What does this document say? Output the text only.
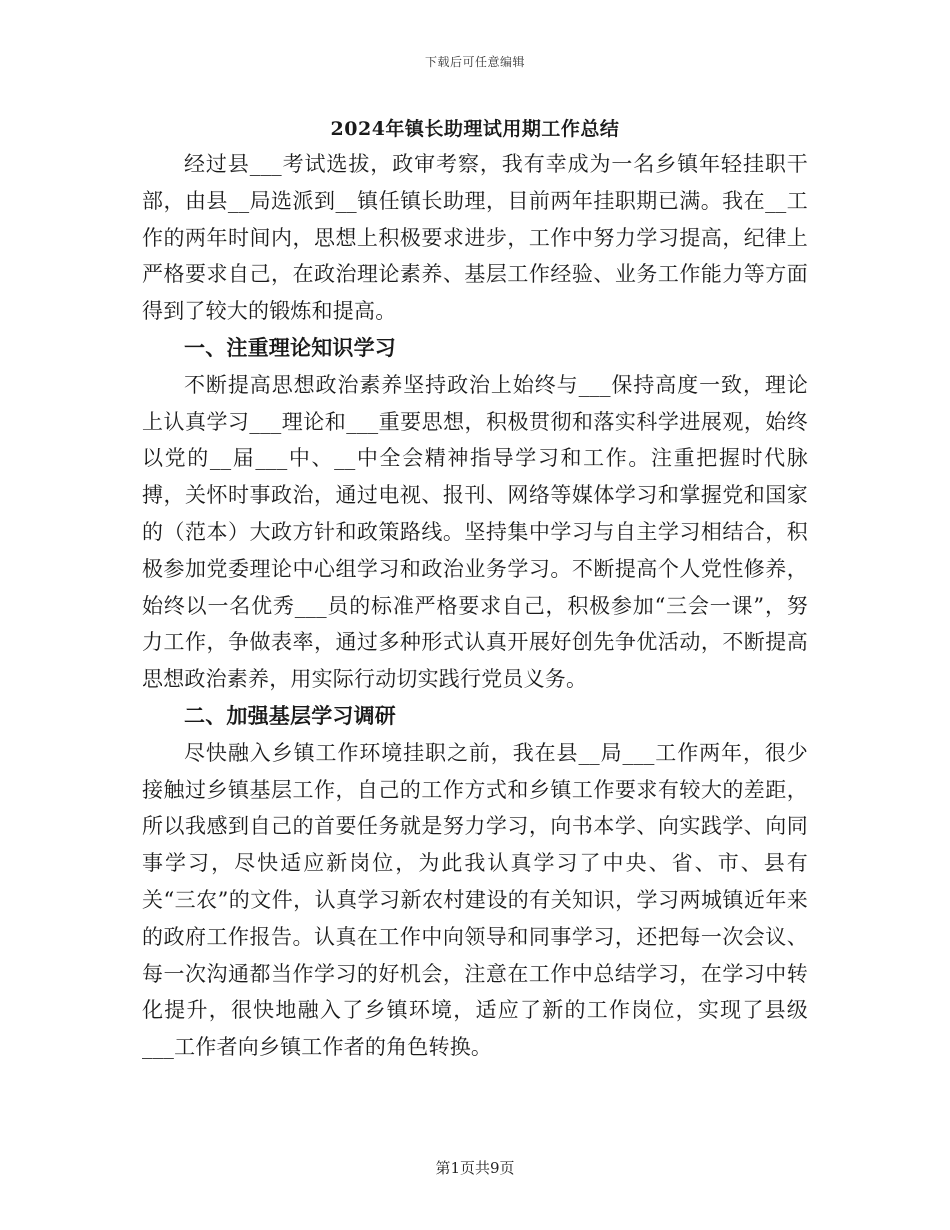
下载后可任意编辑
2024年镇长助理试用期工作总结

经过县___考试选拔，政审考察，我有幸成为一名乡镇年轻挂职干部，由县__局选派到__镇任镇长助理，目前两年挂职期已满。我在__工作的两年时间内，思想上积极要求进步，工作中努力学习提高，纪律上严格要求自己，在政治理论素养、基层工作经验、业务工作能力等方面得到了较大的锻炼和提高。

一、注重理论知识学习

不断提高思想政治素养坚持政治上始终与___保持高度一致，理论上认真学习___理论和___重要思想，积极贯彻和落实科学进展观，始终以党的__届___中、__中全会精神指导学习和工作。注重把握时代脉搏，关怀时事政治，通过电视、报刊、网络等媒体学习和掌握党和国家的（范本）大政方针和政策路线。坚持集中学习与自主学习相结合，积极参加党委理论中心组学习和政治业务学习。不断提高个人党性修养，始终以一名优秀___员的标准严格要求自己，积极参加“三会一课”，努力工作，争做表率，通过多种形式认真开展好创先争优活动，不断提高思想政治素养，用实际行动切实践行党员义务。

二、加强基层学习调研

尽快融入乡镇工作环境挂职之前，我在县__局___工作两年，很少接触过乡镇基层工作，自己的工作方式和乡镇工作要求有较大的差距，所以我感到自己的首要任务就是努力学习，向书本学、向实践学、向同事学习，尽快适应新岗位，为此我认真学习了中央、省、市、县有关“三农”的文件，认真学习新农村建设的有关知识，学习两城镇近年来的政府工作报告。认真在工作中向领导和同事学习，还把每一次会议、每一次沟通都当作学习的好机会，注意在工作中总结学习，在学习中转化提升，很快地融入了乡镇环境，适应了新的工作岗位，实现了县级___工作者向乡镇工作者的角色转换。

第1页共9页
